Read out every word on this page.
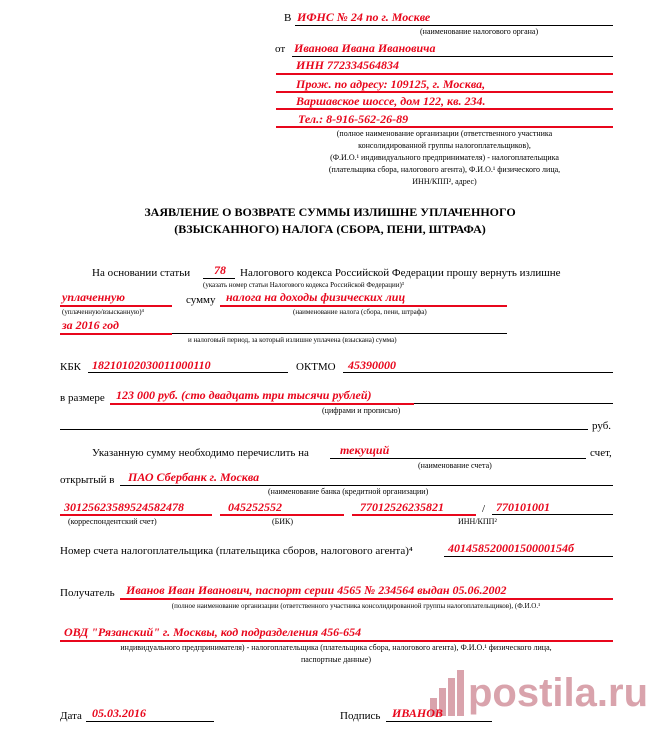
В ИФНС № 24 по г. Москве
(наименование налогового органа)
от Иванова Ивана Ивановича
ИНН 772334564834
Прож. по адресу: 109125, г. Москва,
Варшавское шоссе, дом 122, кв. 234.
Тел.: 8-916-562-26-89
(полное наименование организации (ответственного участника
консолидированной группы налогоплательщиков),
(Ф.И.О.¹ индивидуального предпринимателя) - налогоплательщика
(плательщика сбора, налогового агента), Ф.И.О.¹ физического лица,
ИНН/КПП², адрес)
ЗАЯВЛЕНИЕ О ВОЗВРАТЕ СУММЫ ИЗЛИШНЕ УПЛАЧЕННОГО
(ВЗЫСКАННОГО) НАЛОГА (СБОРА, ПЕНИ, ШТРАФА)
На основании статьи 78 Налогового кодекса Российской Федерации прошу вернуть излишне
(указать номер статьи Налогового кодекса Российской Федерации)³
уплаченную	сумму налога на доходы физических лиц
(уплаченную/взысканную)⁴	(наименование налога (сбора, пени, штрафа)
за 2016 год
и налоговый период, за который излишне уплачена (взыскана) сумма)
КБК 18210102030011000110	ОКТМО 45390000
в размере 123 000 руб. (сто двадцать три тысячи рублей)
(цифрами и прописью)
руб.
Указанную сумму необходимо перечислить на	текущий	счет,
(наименование счета)
открытый в ПАО Сбербанк г. Москва
(наименование банка (кредитной организации)
30125623589524582478	045252552	77012526235821	/ 770101001
(корреспондентский счет)	(БИК)	ИНН/КПП²
Номер счета налогоплательщика (плательщика сборов, налогового агента)⁴	40145852000150000154б
Получатель Иванов Иван Иванович, паспорт серии 4565 № 234564 выдан 05.06.2002
(полное наименование организации (ответственного участника консолидированной группы налогоплательщиков), (Ф.И.О.¹
ОВД "Рязанский" г. Москвы, код подразделения 456-654
индивидуального предпринимателя) - налогоплательщика (плательщика сбора, налогового агента), Ф.И.О.¹ физического лица,
паспортные данные)
postila.ru
Дата 05.03.2016	Подпись ИВАНОВ
